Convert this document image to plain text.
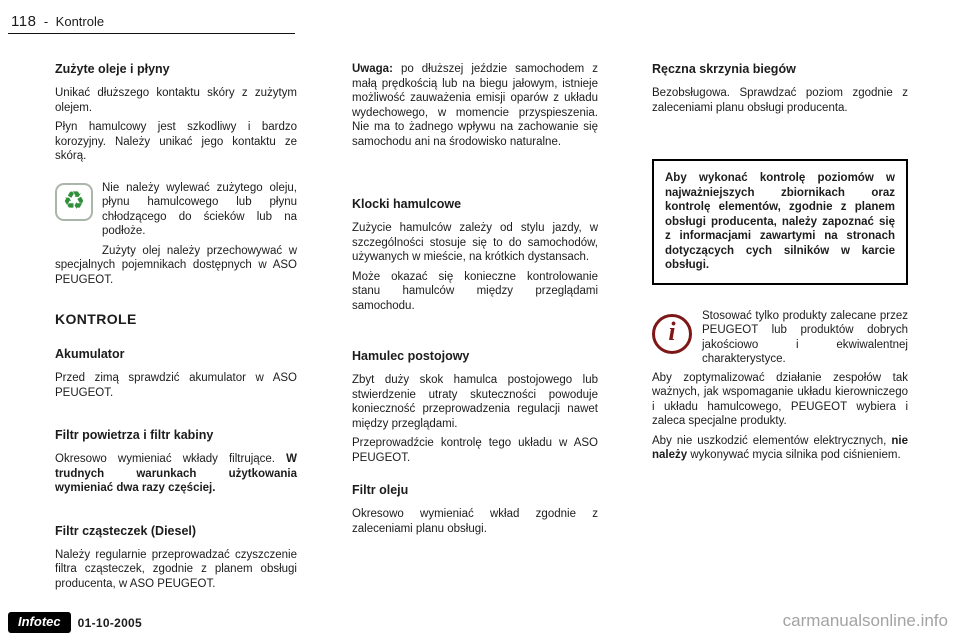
118 - Kontrole
Zużyte oleje i płyny

Unikać dłuższego kontaktu skóry z zużytym olejem.

Płyn hamulcowy jest szkodliwy i bardzo korozyjny. Należy unikać jego kontaktu ze skórą.

♻	Nie należy wylewać zużytego oleju, płynu hamulcowego lub płynu chłodzącego do ścieków lub na podłoże.

Zużyty olej należy przechowywać w specjalnych pojemnikach dostępnych w ASO PEUGEOT.

KONTROLE
Akumulator

Przed zimą sprawdzić akumulator w ASO PEUGEOT.

Filtr powietrza i filtr kabiny

Okresowo wymieniać wkłady filtrujące. W trudnych warunkach użytkowania wymieniać dwa razy częściej.

Filtr cząsteczek (Diesel)

Należy regularnie przeprowadzać czyszczenie filtra cząsteczek, zgodnie z planem obsługi producenta, w ASO PEUGEOT.

Uwaga: po dłuższej jeździe samochodem z małą prędkością lub na biegu jałowym, istnieje możliwość zauważenia emisji oparów z układu wydechowego, w momencie przyspieszenia. Nie ma to żadnego wpływu na zachowanie się samochodu ani na środowisko naturalne.

Klocki hamulcowe

Zużycie hamulców zależy od stylu jazdy, w szczególności stosuje się to do samochodów, używanych w mieście, na krótkich dystansach.

Może okazać się konieczne kontrolowanie stanu hamulców między przeglądami samochodu.

Hamulec postojowy

Zbyt duży skok hamulca postojowego lub stwierdzenie utraty skuteczności powoduje konieczność przeprowadzenia regulacji nawet między przeglądami.

Przeprowadźcie kontrolę tego układu w ASO PEUGEOT.

Filtr oleju

Okresowo wymieniać wkład zgodnie z zaleceniami planu obsługi.

Ręczna skrzynia biegów

Bezobsługowa. Sprawdzać poziom zgodnie z zaleceniami planu obsługi producenta.

Aby wykonać kontrolę poziomów w najważniejszych zbiornikach oraz kontrolę elementów, zgodnie z planem obsługi producenta, należy zapoznać się z informacjami zawartymi na stronach dotyczących cych silników w karcie obsługi.
i

Stosować tylko produkty zalecane przez PEUGEOT lub produktów dobrych jakościowo i ekwiwalentnej charakterystyce.

Aby zoptymalizować działanie zespołów tak ważnych, jak wspomaganie układu kierowniczego i układu hamulcowego, PEUGEOT wybiera i zaleca specjalne produkty.

Aby nie uszkodzić elementów elektrycznych, nie należy wykonywać mycia silnika pod ciśnieniem.

Infotec	01-10-2005	carmanualsonline.info
